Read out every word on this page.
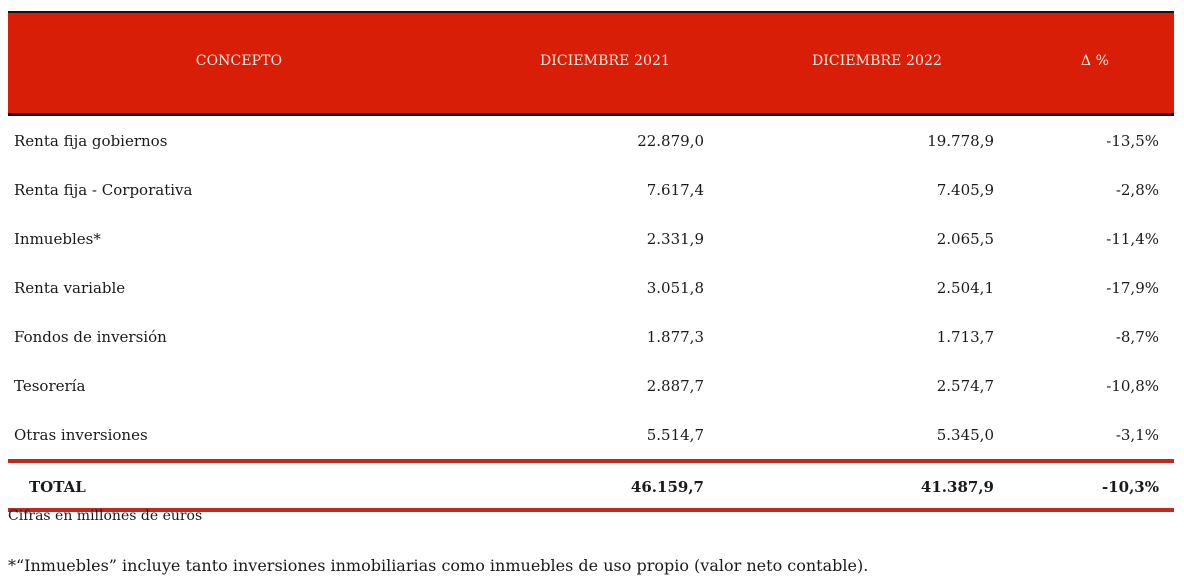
CONCEPTO	DICIEMBRE 2021	DICIEMBRE 2022	Δ %
Renta fija gobiernos	22.879,0	19.778,9	-13,5%
Renta fija - Corporativa	7.617,4	7.405,9	-2,8%
Inmuebles*	2.331,9	2.065,5	-11,4%
Renta variable	3.051,8	2.504,1	-17,9%
Fondos de inversión	1.877,3	1.713,7	-8,7%
Tesorería	2.887,7	2.574,7	-10,8%
Otras inversiones	5.514,7	5.345,0	-3,1%
TOTAL	46.159,7	41.387,9	-10,3%
Cifras en millones de euros
*“Inmuebles” incluye tanto inversiones inmobiliarias como inmuebles de uso propio (valor neto contable).
